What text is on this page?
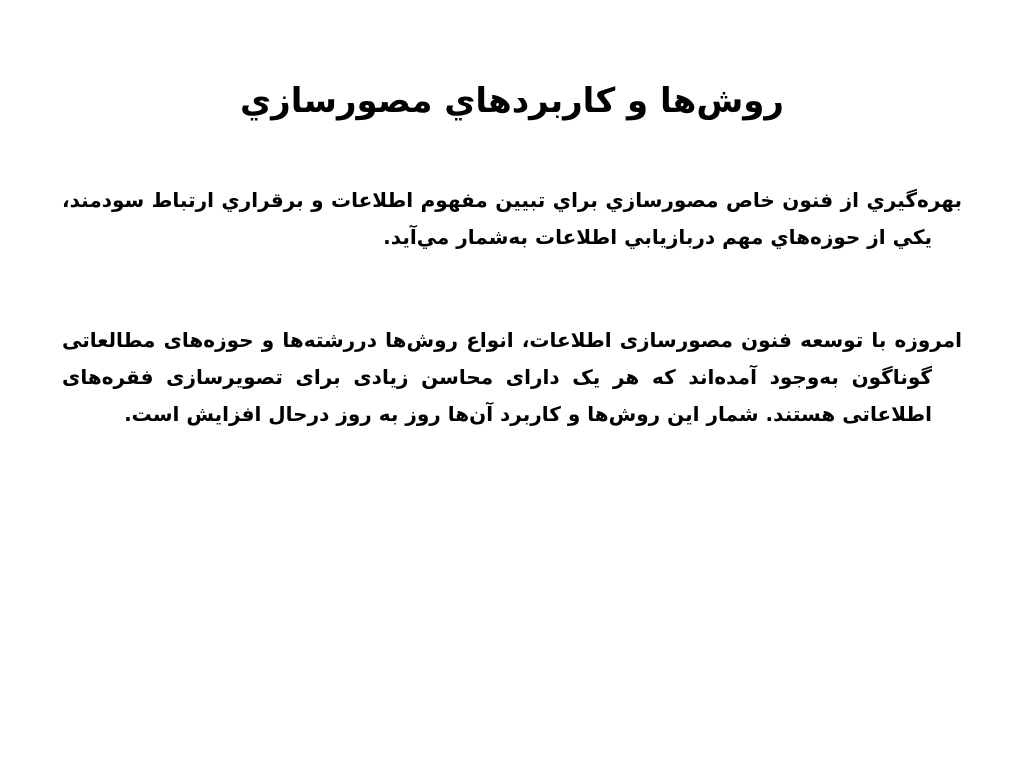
روش‌ها و كاربردهاي مصورسازي

بهره‌گيري از فنون خاص مصورسازي براي تبيين مفهوم اطلاعات و برقراري ارتباط سودمند، يكي از حوزه‌هاي مهم دربازيابي اطلاعات به‌شمار مي‌آيد.

امروزه با توسعه فنون مصورسازی اطلاعات، انواع روش‌ها دررشته‌ها و حوزه‌های مطالعاتی گوناگون به‌وجود آمده‌اند که هر یک دارای محاسن زیادی برای تصویرسازی فقره‌های اطلاعاتی هستند. شمار این روش‌ها و کاربرد آن‌ها روز به روز درحال افزایش است.
